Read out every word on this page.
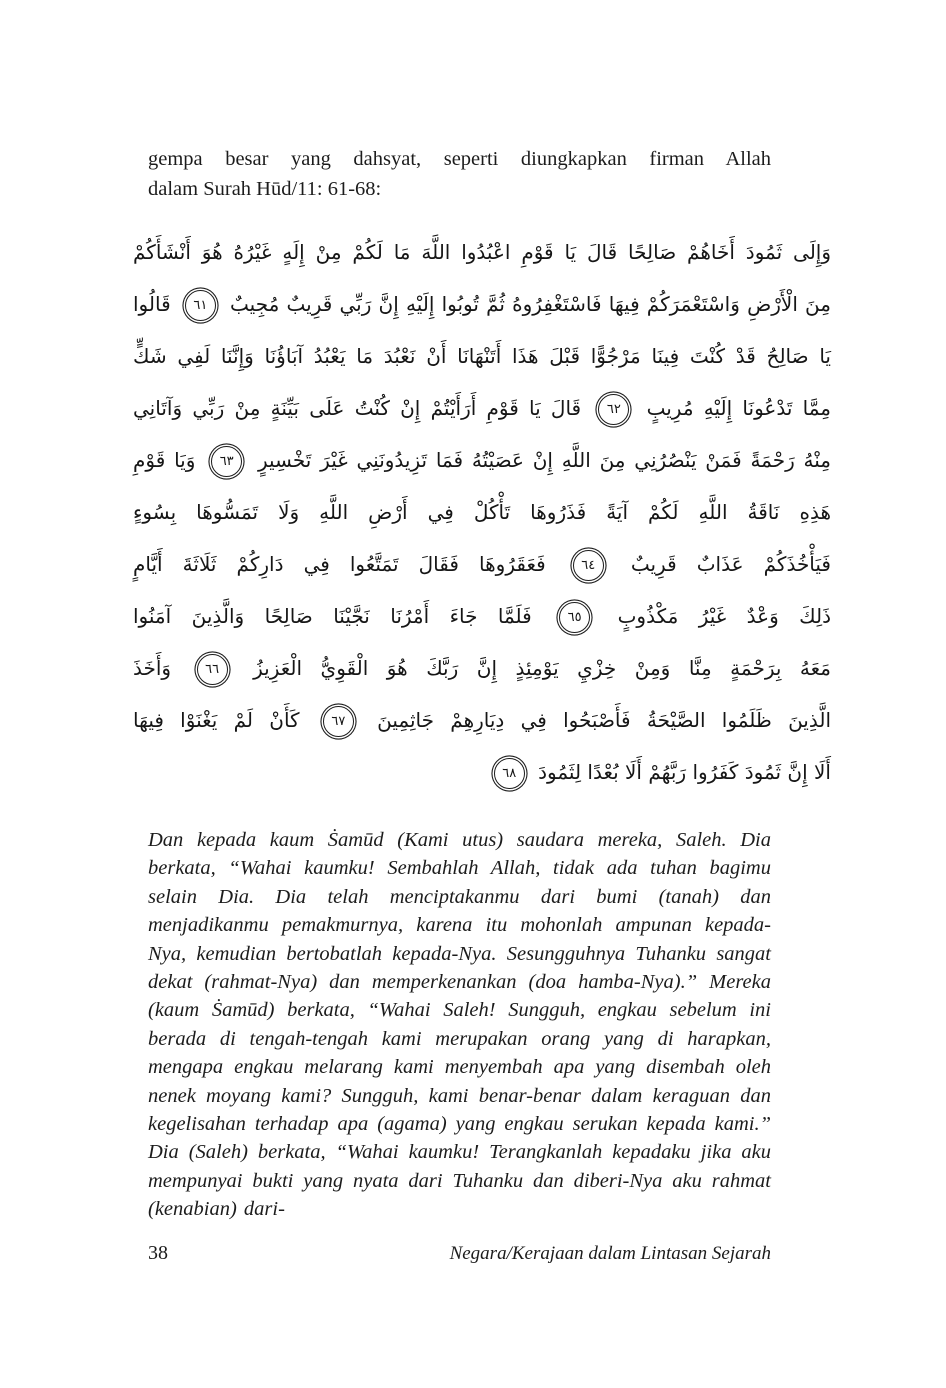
gempa besar yang dahsyat, seperti diungkapkan firman Allah
dalam Surah Hūd/11: 61-68:
وَإِلَى ثَمُودَ أَخَاهُمْ صَالِحًا قَالَ يَا قَوْمِ اعْبُدُوا اللَّهَ مَا لَكُمْ مِنْ إِلَهٍ غَيْرُهُ هُوَ أَنْشَأَكُمْ
مِنَ الْأَرْضِ وَاسْتَعْمَرَكُمْ فِيهَا فَاسْتَغْفِرُوهُ ثُمَّ تُوبُوا إِلَيْهِ إِنَّ رَبِّي قَرِيبٌ مُجِيبٌ ٦١ قَالُوا
يَا صَالِحُ قَدْ كُنْتَ فِينَا مَرْجُوًّا قَبْلَ هَذَا أَتَنْهَانَا أَنْ نَعْبُدَ مَا يَعْبُدُ آبَاؤُنَا وَإِنَّنَا لَفِي شَكٍّ
مِمَّا تَدْعُونَا إِلَيْهِ مُرِيبٍ ٦٢ قَالَ يَا قَوْمِ أَرَأَيْتُمْ إِنْ كُنْتُ عَلَى بَيِّنَةٍ مِنْ رَبِّي وَآتَانِي
مِنْهُ رَحْمَةً فَمَنْ يَنْصُرُنِي مِنَ اللَّهِ إِنْ عَصَيْتُهُ فَمَا تَزِيدُونَنِي غَيْرَ تَخْسِيرٍ ٦٣ وَيَا قَوْمِ
هَذِهِ نَاقَةُ اللَّهِ لَكُمْ آيَةً فَذَرُوهَا تَأْكُلْ فِي أَرْضِ اللَّهِ وَلَا تَمَسُّوهَا بِسُوءٍ
فَيَأْخُذَكُمْ عَذَابٌ قَرِيبٌ ٦٤ فَعَقَرُوهَا فَقَالَ تَمَتَّعُوا فِي دَارِكُمْ ثَلَاثَةَ أَيَّامٍ
ذَلِكَ وَعْدٌ غَيْرُ مَكْذُوبٍ ٦٥ فَلَمَّا جَاءَ أَمْرُنَا نَجَّيْنَا صَالِحًا وَالَّذِينَ آمَنُوا
مَعَهُ بِرَحْمَةٍ مِنَّا وَمِنْ خِزْيِ يَوْمِئِذٍ إِنَّ رَبَّكَ هُوَ الْقَوِيُّ الْعَزِيزُ ٦٦ وَأَخَذَ
الَّذِينَ ظَلَمُوا الصَّيْحَةُ فَأَصْبَحُوا فِي دِيَارِهِمْ جَاثِمِينَ ٦٧ كَأَنْ لَمْ يَغْنَوْا فِيهَا
أَلَا إِنَّ ثَمُودَ كَفَرُوا رَبَّهُمْ أَلَا بُعْدًا لِثَمُودَ ٦٨
Dan kepada kaum Ṡamūd (Kami utus) saudara mereka, Saleh. Dia berkata, “Wahai kaumku! Sembahlah Allah, tidak ada tuhan bagimu selain Dia. Dia telah menciptakanmu dari bumi (tanah) dan menjadikanmu pemakmurnya, karena itu mohonlah ampunan kepada-Nya, kemudian bertobatlah kepada-Nya. Sesungguhnya Tuhanku sangat dekat (rahmat-Nya) dan memperkenankan (doa hamba-Nya).” Mereka (kaum Ṡamūd) berkata, “Wahai Saleh! Sungguh, engkau sebelum ini berada di tengah-tengah kami merupakan orang yang di harapkan, mengapa engkau melarang kami menyembah apa yang disembah oleh nenek moyang kami? Sungguh, kami benar-benar dalam keraguan dan kegelisahan terhadap apa (agama) yang engkau serukan kepada kami.” Dia (Saleh) berkata, “Wahai kaumku! Terangkanlah kepadaku jika aku mempunyai bukti yang nyata dari Tuhanku dan diberi-Nya aku rahmat (kenabian) dari-
38	Negara/Kerajaan dalam Lintasan Sejarah
